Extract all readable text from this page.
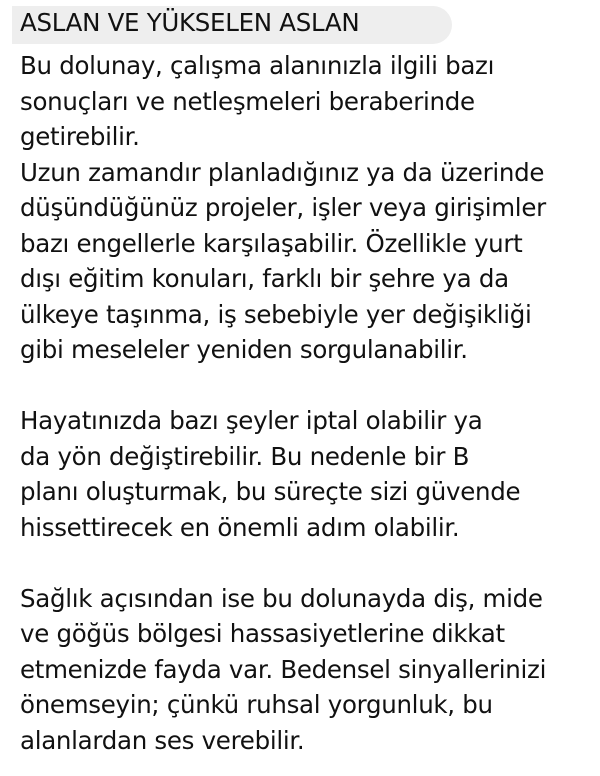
ASLAN VE YÜKSELEN ASLAN

Bu dolunay, çalışma alanınızla ilgili bazı
sonuçları ve netleşmeleri beraberinde
getirebilir.
Uzun zamandır planladığınız ya da üzerinde
düşündüğünüz projeler, işler veya girişimler
bazı engellerle karşılaşabilir. Özellikle yurt
dışı eğitim konuları, farklı bir şehre ya da
ülkeye taşınma, iş sebebiyle yer değişikliği
gibi meseleler yeniden sorgulanabilir.

Hayatınızda bazı şeyler iptal olabilir ya
da yön değiştirebilir. Bu nedenle bir B
planı oluşturmak, bu süreçte sizi güvende
hissettirecek en önemli adım olabilir.

Sağlık açısından ise bu dolunayda diş, mide
ve göğüs bölgesi hassasiyetlerine dikkat
etmenizde fayda var. Bedensel sinyallerinizi
önemseyin; çünkü ruhsal yorgunluk, bu
alanlardan ses verebilir.
